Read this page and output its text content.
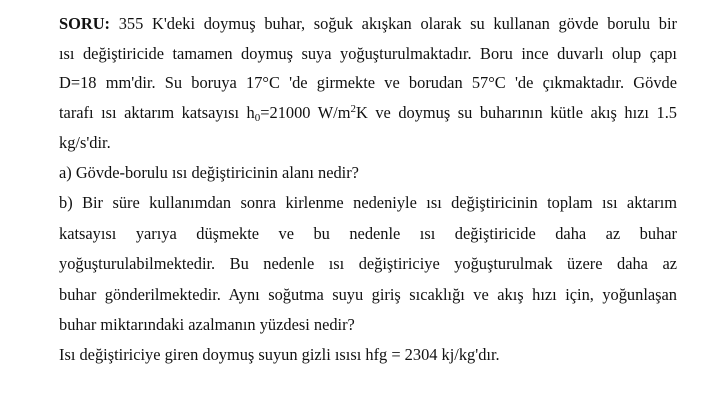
SORU: 355 K'deki doymuş buhar, soğuk akışkan olarak su kullanan gövde borulu bir
ısı değiştiricide tamamen doymuş suya yoğuşturulmaktadır. Boru ince duvarlı olup çapı
D=18 mm'dir. Su boruya 17°C 'de girmekte ve borudan 57°C 'de çıkmaktadır. Gövde
tarafı ısı aktarım katsayısı $h_0=21000$ $W/m^2K$ ve doymuş su buharının kütle akış hızı 1.5
kg/s'dir.
a) Gövde-borulu ısı değiştiricinin alanı nedir?
b) Bir süre kullanımdan sonra kirlenme nedeniyle ısı değiştiricinin toplam ısı aktarım
katsayısı yarıya düşmekte ve bu nedenle ısı değiştiricide daha az buhar
yoğuşturulabilmektedir. Bu nedenle ısı değiştiriciye yoğuşturulmak üzere daha az
buhar gönderilmektedir. Aynı soğutma suyu giriş sıcaklığı ve akış hızı için, yoğunlaşan
buhar miktarındaki azalmanın yüzdesi nedir?
Isı değiştiriciye giren doymuş suyun gizli ısısı hfg = 2304 kj/kg'dır.
